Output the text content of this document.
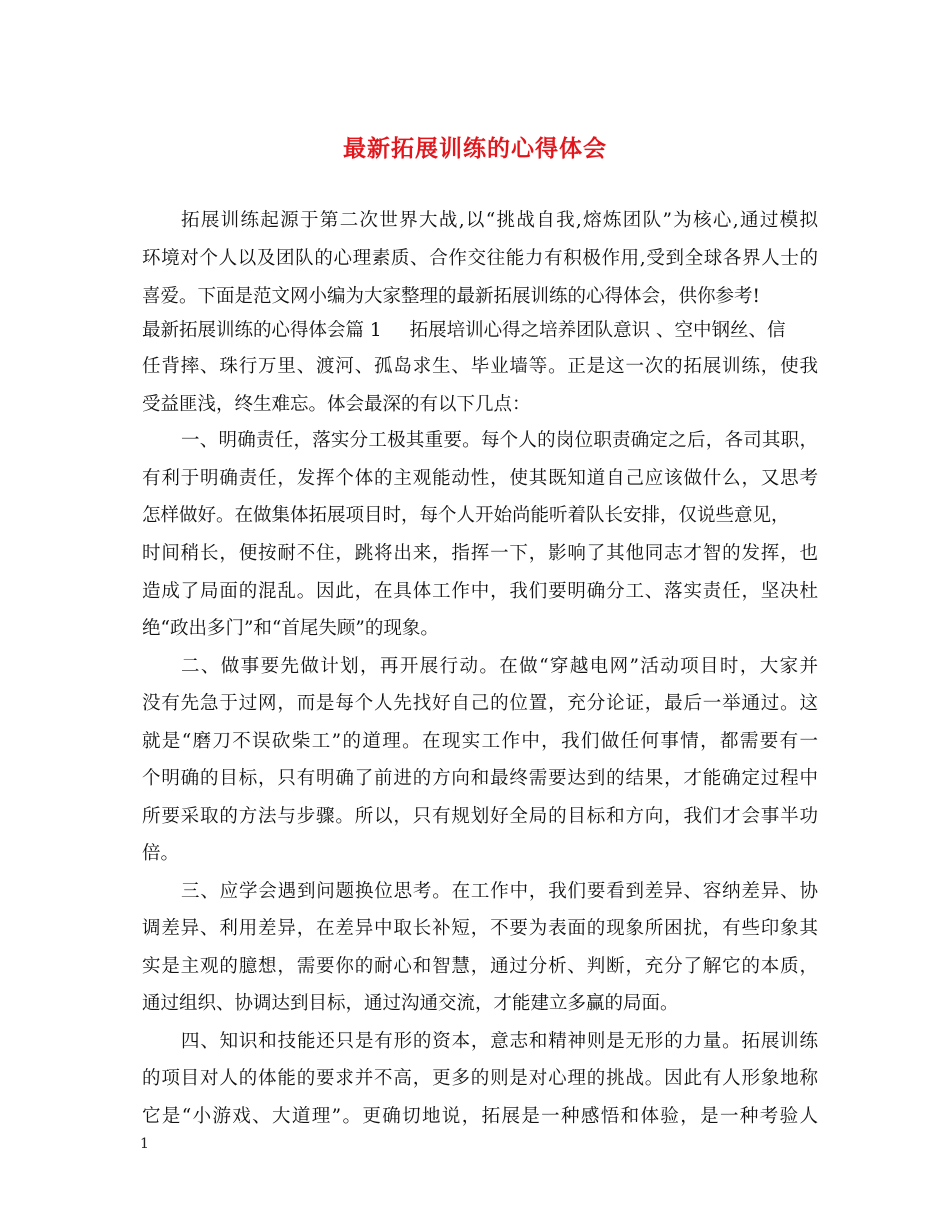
最新拓展训练的心得体会
拓展训练起源于第二次世界大战,以“挑战自我,熔炼团队”为核心,通过模拟
环境对个人以及团队的心理素质、合作交往能力有积极作用,受到全球各界人士的
喜爱。下面是范文网小编为大家整理的最新拓展训练的心得体会，供你参考!
最新拓展训练的心得体会篇 1 拓展培训心得之培养团队意识 、空中钢丝、信
任背摔、珠行万里、渡河、孤岛求生、毕业墙等。正是这一次的拓展训练，使我
受益匪浅，终生难忘。体会最深的有以下几点：
一、明确责任，落实分工极其重要。每个人的岗位职责确定之后，各司其职，
有利于明确责任，发挥个体的主观能动性，使其既知道自己应该做什么，又思考
怎样做好。在做集体拓展项目时，每个人开始尚能听着队长安排，仅说些意见，
时间稍长，便按耐不住，跳将出来，指挥一下，影响了其他同志才智的发挥，也
造成了局面的混乱。因此，在具体工作中，我们要明确分工、落实责任，坚决杜
绝“政出多门”和“首尾失顾”的现象。
二、做事要先做计划，再开展行动。在做“穿越电网”活动项目时，大家并
没有先急于过网，而是每个人先找好自己的位置，充分论证，最后一举通过。这
就是“磨刀不误砍柴工”的道理。在现实工作中，我们做任何事情，都需要有一
个明确的目标，只有明确了前进的方向和最终需要达到的结果，才能确定过程中
所要采取的方法与步骤。所以，只有规划好全局的目标和方向，我们才会事半功
倍。
三、应学会遇到问题换位思考。在工作中，我们要看到差异、容纳差异、协
调差异、利用差异，在差异中取长补短，不要为表面的现象所困扰，有些印象其
实是主观的臆想，需要你的耐心和智慧，通过分析、判断，充分了解它的本质，
通过组织、协调达到目标，通过沟通交流，才能建立多赢的局面。
四、知识和技能还只是有形的资本，意志和精神则是无形的力量。拓展训练
的项目对人的体能的要求并不高，更多的则是对心理的挑战。因此有人形象地称
它是“小游戏、大道理”。更确切地说，拓展是一种感悟和体验，是一种考验人
1
